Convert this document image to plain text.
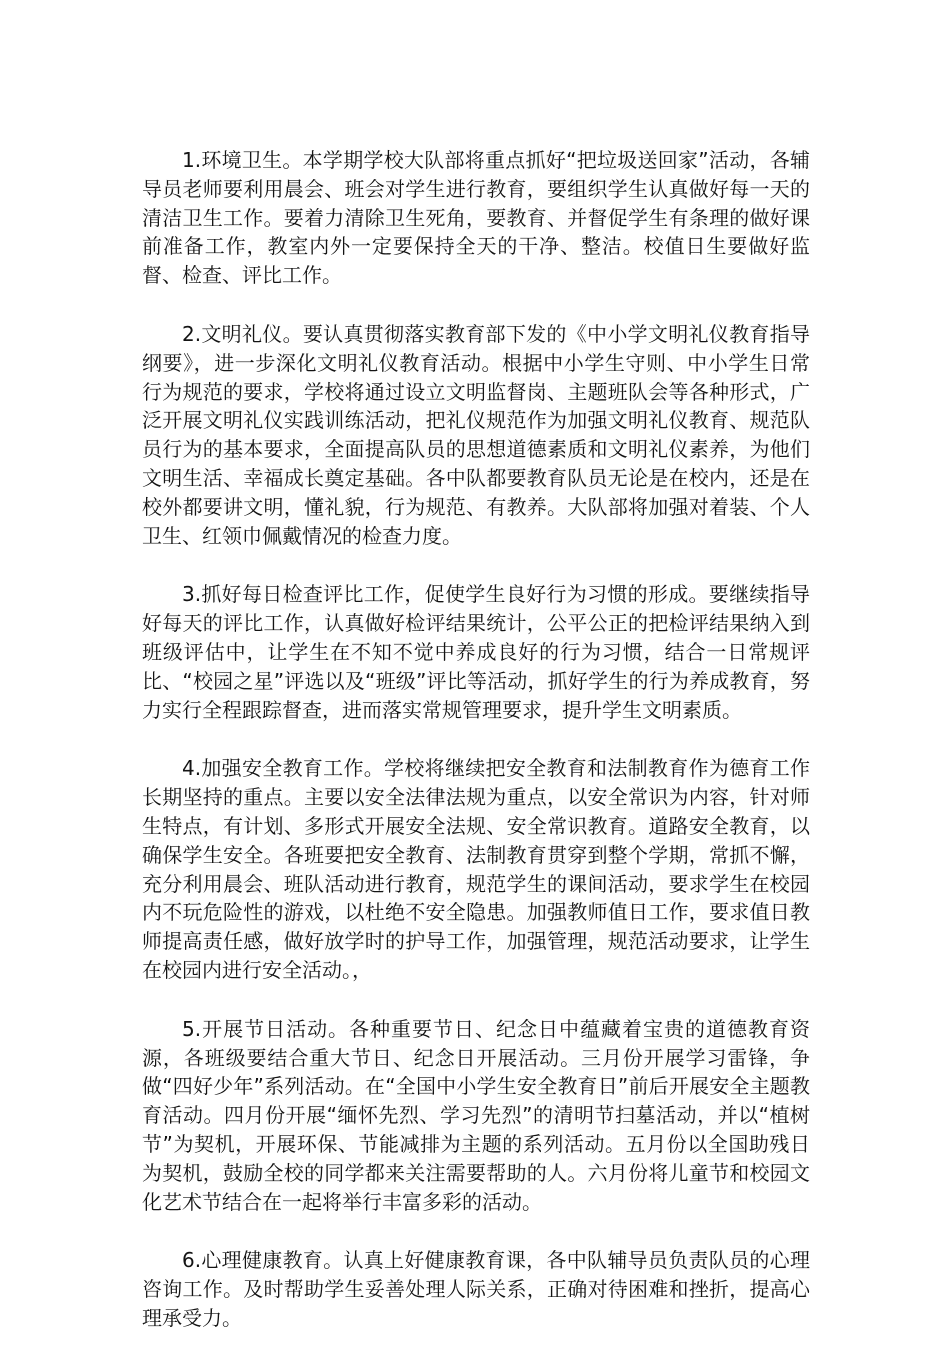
1.环境卫生。本学期学校大队部将重点抓好“把垃圾送回家”活动，各辅导员老师要利用晨会、班会对学生进行教育，要组织学生认真做好每一天的清洁卫生工作。要着力清除卫生死角，要教育、并督促学生有条理的做好课前准备工作，教室内外一定要保持全天的干净、整洁。校值日生要做好监督、检查、评比工作。

2.文明礼仪。要认真贯彻落实教育部下发的《中小学文明礼仪教育指导纲要》，进一步深化文明礼仪教育活动。根据中小学生守则、中小学生日常行为规范的要求，学校将通过设立文明监督岗、主题班队会等各种形式，广泛开展文明礼仪实践训练活动，把礼仪规范作为加强文明礼仪教育、规范队员行为的基本要求，全面提高队员的思想道德素质和文明礼仪素养，为他们文明生活、幸福成长奠定基础。各中队都要教育队员无论是在校内，还是在校外都要讲文明，懂礼貌，行为规范、有教养。大队部将加强对着装、个人卫生、红领巾佩戴情况的检查力度。

3.抓好每日检查评比工作，促使学生良好行为习惯的形成。要继续指导好每天的评比工作，认真做好检评结果统计，公平公正的把检评结果纳入到班级评估中，让学生在不知不觉中养成良好的行为习惯，结合一日常规评比、“校园之星”评选以及“班级”评比等活动，抓好学生的行为养成教育，努力实行全程跟踪督查，进而落实常规管理要求，提升学生文明素质。

4.加强安全教育工作。学校将继续把安全教育和法制教育作为德育工作长期坚持的重点。主要以安全法律法规为重点，以安全常识为内容，针对师生特点，有计划、多形式开展安全法规、安全常识教育。道路安全教育，以确保学生安全。各班要把安全教育、法制教育贯穿到整个学期，常抓不懈，充分利用晨会、班队活动进行教育，规范学生的课间活动，要求学生在校园内不玩危险性的游戏，以杜绝不安全隐患。加强教师值日工作，要求值日教师提高责任感，做好放学时的护导工作，加强管理，规范活动要求，让学生在校园内进行安全活动。，

5.开展节日活动。各种重要节日、纪念日中蕴藏着宝贵的道德教育资源，各班级要结合重大节日、纪念日开展活动。三月份开展学习雷锋，争做“四好少年”系列活动。在“全国中小学生安全教育日”前后开展安全主题教育活动。四月份开展“缅怀先烈、学习先烈”的清明节扫墓活动，并以“植树节”为契机，开展环保、节能减排为主题的系列活动。五月份以全国助残日为契机，鼓励全校的同学都来关注需要帮助的人。六月份将儿童节和校园文化艺术节结合在一起将举行丰富多彩的活动。

6.心理健康教育。认真上好健康教育课，各中队辅导员负责队员的心理咨询工作。及时帮助学生妥善处理人际关系，正确对待困难和挫折，提高心理承受力。
